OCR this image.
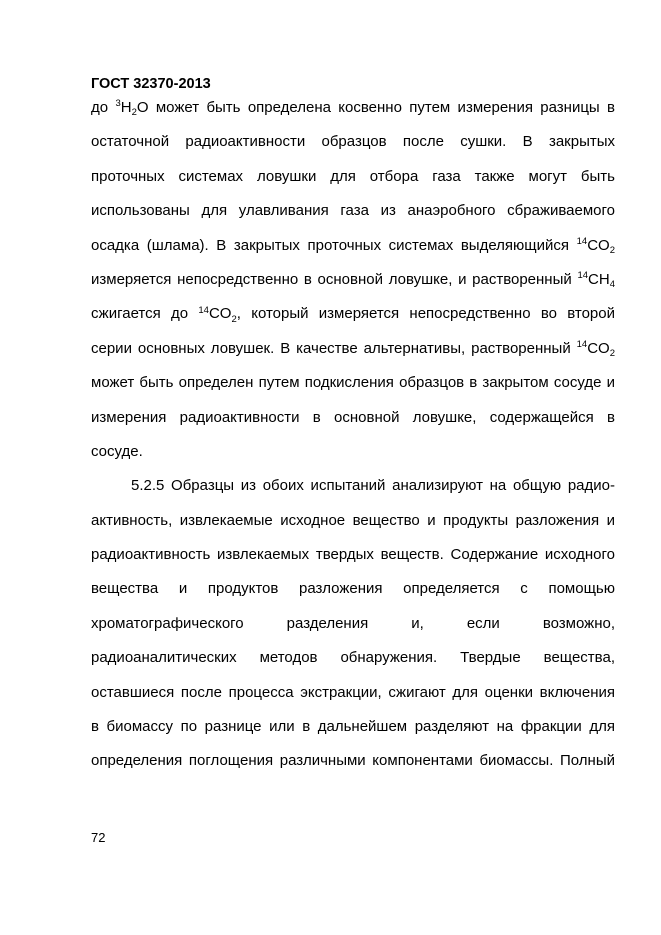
ГОСТ 32370-2013
до $^3H_2O$ может быть определена косвенно путем измерения разницы в
остаточной радиоактивности образцов после сушки. В закрытых
проточных системах ловушки для отбора газа также могут быть
использованы для улавливания газа из анаэробного сбраживаемого
осадка (шлама). В закрытых проточных системах выделяющийся $^{14}CO_2$
измеряется непосредственно в основной ловушке, и растворенный $^{14}CH_4$
сжигается до $^{14}CO_2$, который измеряется непосредственно во второй
серии основных ловушек. В качестве альтернативы, растворенный $^{14}CO_2$
может быть определен путем подкисления образцов в закрытом сосуде и
измерения радиоактивности в основной ловушке, содержащейся в
сосуде.
5.2.5 Образцы из обоих испытаний анализируют на общую радио-
активность, извлекаемые исходное вещество и продукты разложения и
радиоактивность извлекаемых твердых веществ. Содержание исходного
вещества и продуктов разложения определяется с помощью
хроматографического разделения и, если возможно,
радиоаналитических методов обнаружения. Твердые вещества,
оставшиеся после процесса экстракции, сжигают для оценки включения
в биомассу по разнице или в дальнейшем разделяют на фракции для
определения поглощения различными компонентами биомассы. Полный
72
